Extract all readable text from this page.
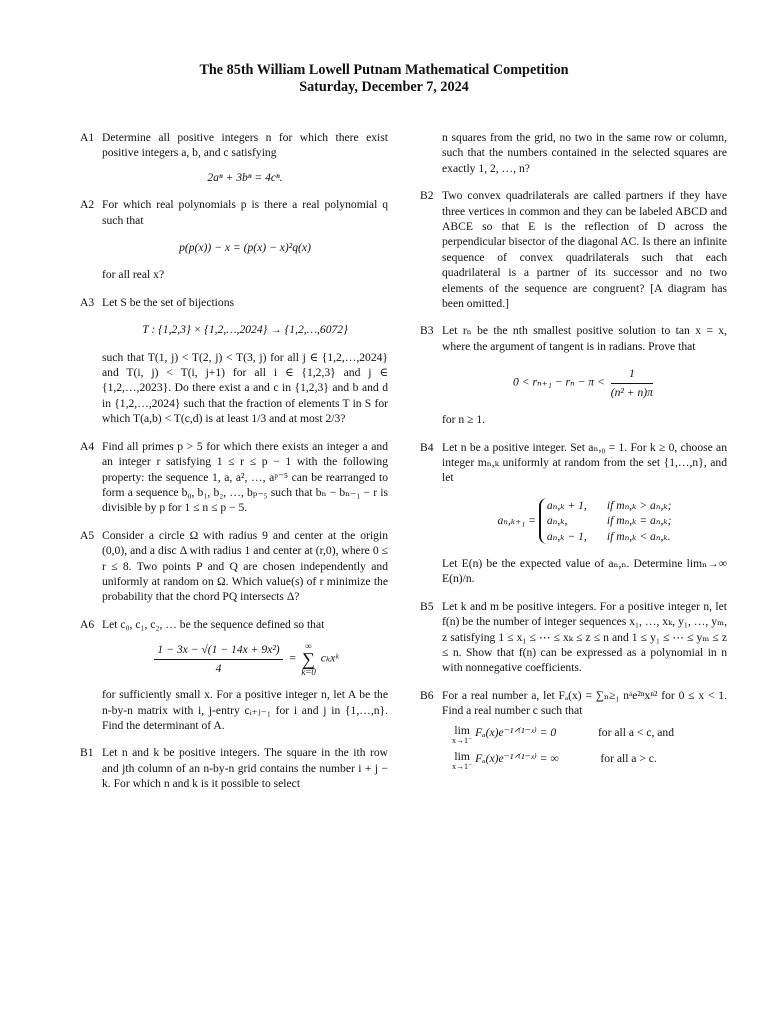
The 85th William Lowell Putnam Mathematical Competition
Saturday, December 7, 2024
A1 Determine all positive integers n for which there exist positive integers a, b, and c satisfying
2aⁿ + 3bⁿ = 4cⁿ.
A2 For which real polynomials p is there a real polynomial q such that
p(p(x)) − x = (p(x) − x)²q(x)
for all real x?
A3 Let S be the set of bijections
T : {1,2,3} × {1,2,…,2024} → {1,2,…,6072}
such that T(1, j) < T(2, j) < T(3, j) for all j ∈ {1,2,…,2024} and T(i, j) < T(i, j+1) for all i ∈ {1,2,3} and j ∈ {1,2,…,2023}. Do there exist a and c in {1,2,3} and b and d in {1,2,…,2024} such that the fraction of elements T in S for which T(a,b) < T(c,d) is at least 1/3 and at most 2/3?
A4 Find all primes p > 5 for which there exists an integer a and an integer r satisfying 1 ≤ r ≤ p − 1 with the following property: the sequence 1, a, a², …, aᵖ⁻⁵ can be rearranged to form a sequence b₀, b₁, b₂, …, bₚ₋₅ such that bₙ − bₙ₋₁ − r is divisible by p for 1 ≤ n ≤ p − 5.
A5 Consider a circle Ω with radius 9 and center at the origin (0,0), and a disc Δ with radius 1 and center at (r,0), where 0 ≤ r ≤ 8. Two points P and Q are chosen independently and uniformly at random on Ω. Which value(s) of r minimize the probability that the chord PQ intersects Δ?
A6 Let c₀, c₁, c₂, … be the sequence defined so that
$\frac{\text{1 − 3x − √(1 − 14x + 9x²)}}{4}$ = ∞
∑
k=0 cₖxᵏ
for sufficiently small x. For a positive integer n, let A be the n-by-n matrix with i, j-entry cᵢ₊ⱼ₋₁ for i and j in {1,…,n}. Find the determinant of A.
B1 Let n and k be positive integers. The square in the ith row and jth column of an n-by-n grid contains the number i + j − k. For which n and k is it possible to select
n squares from the grid, no two in the same row or column, such that the numbers contained in the selected squares are exactly 1, 2, …, n?
B2 Two convex quadrilaterals are called partners if they have three vertices in common and they can be labeled ABCD and ABCE so that E is the reflection of D across the perpendicular bisector of the diagonal AC. Is there an infinite sequence of convex quadrilaterals such that each quadrilateral is a partner of its successor and no two elements of the sequence are congruent? [A diagram has been omitted.]
B3 Let rₙ be the nth smallest positive solution to tan x = x, where the argument of tangent is in radians. Prove that
$0 < r_{n+1} - r_n - \pi < \frac{1}{\text{(n² + n)π}}$
for n ≥ 1.
B4 Let n be a positive integer. Set aₙ,₀ = 1. For k ≥ 0, choose an integer mₙ,ₖ uniformly at random from the set {1,…,n}, and let
aₙ,ₖ₊₁ =
aₙ,ₖ + 1, if mₙ,ₖ > aₙ,ₖ;
aₙ,ₖ,	if mₙ,ₖ = aₙ,ₖ;
aₙ,ₖ − 1, if mₙ,ₖ < aₙ,ₖ.
Let E(n) be the expected value of aₙ,ₙ. Determine limₙ→∞ E(n)/n.
B5 Let k and m be positive integers. For a positive integer n, let f(n) be the number of integer sequences x₁, …, xₖ, y₁, …, yₘ, z satisfying 1 ≤ x₁ ≤ ⋯ ≤ xₖ ≤ z ≤ n and 1 ≤ y₁ ≤ ⋯ ≤ yₘ ≤ z ≤ n. Show that f(n) can be expressed as a polynomial in n with nonnegative coefficients.
B6 For a real number a, let Fₐ(x) = ∑ₙ≥₁ nᵃe²ⁿxⁿ² for 0 ≤ x < 1. Find a real number c such that
lim
x→1⁻
Fₐ(x)e⁻¹ᐟ⁽¹⁻ˣ⁾ = 0	for all a < c, and
lim
x→1⁻
Fₐ(x)e⁻¹ᐟ⁽¹⁻ˣ⁾ = ∞	for all a > c.
